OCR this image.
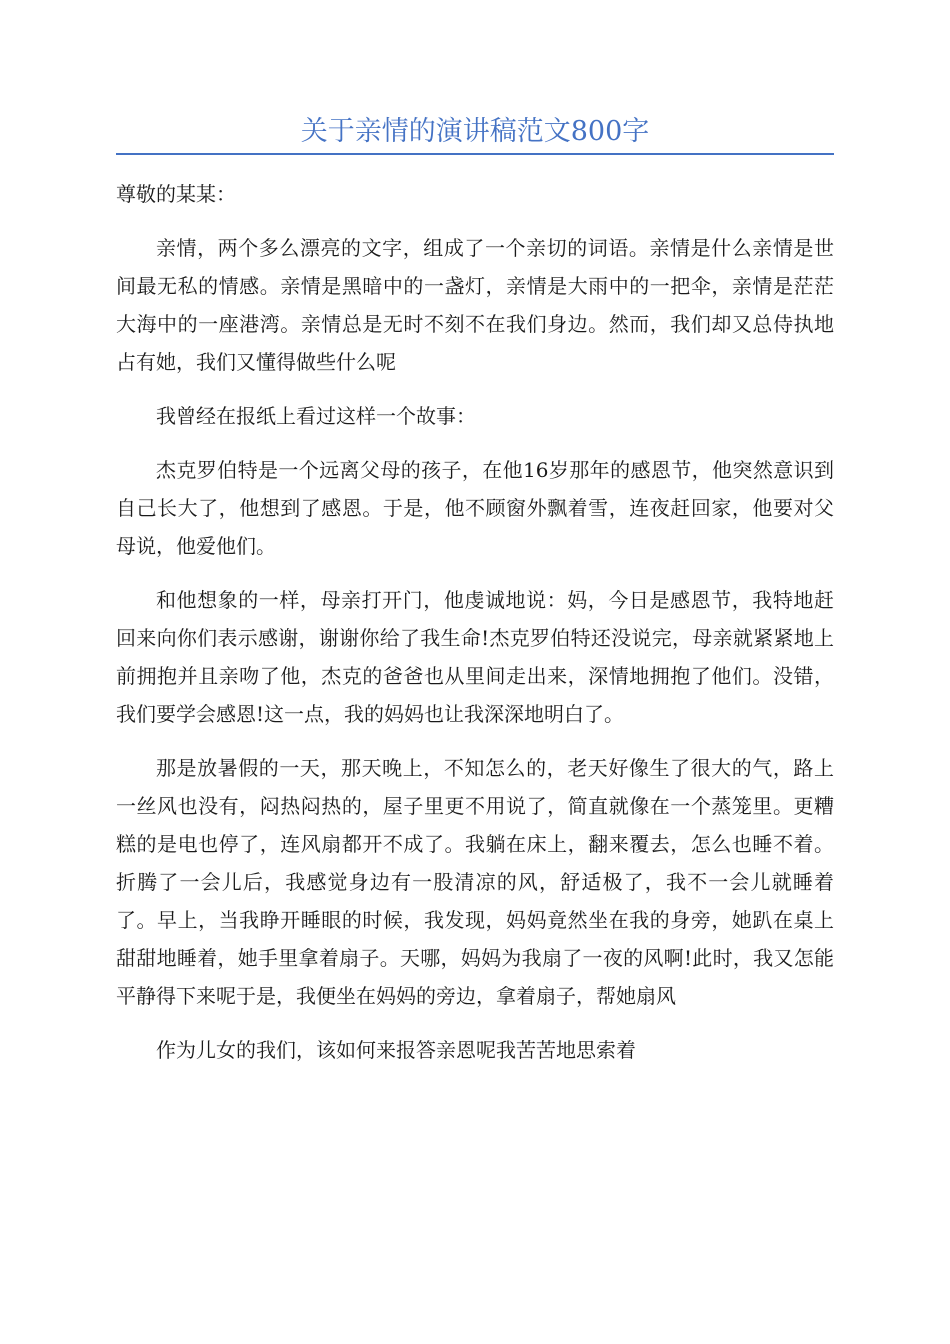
关于亲情的演讲稿范文800字

尊敬的某某：

亲情，两个多么漂亮的文字，组成了一个亲切的词语。亲情是什么亲情是世间最无私的情感。亲情是黑暗中的一盏灯，亲情是大雨中的一把伞，亲情是茫茫大海中的一座港湾。亲情总是无时不刻不在我们身边。然而，我们却又总侍执地占有她，我们又懂得做些什么呢

我曾经在报纸上看过这样一个故事：

杰克罗伯特是一个远离父母的孩子，在他16岁那年的感恩节，他突然意识到自己长大了，他想到了感恩。于是，他不顾窗外飘着雪，连夜赶回家，他要对父母说，他爱他们。

和他想象的一样，母亲打开门，他虔诚地说：妈，今日是感恩节，我特地赶回来向你们表示感谢，谢谢你给了我生命!杰克罗伯特还没说完，母亲就紧紧地上前拥抱并且亲吻了他，杰克的爸爸也从里间走出来，深情地拥抱了他们。没错，我们要学会感恩!这一点，我的妈妈也让我深深地明白了。

那是放暑假的一天，那天晚上，不知怎么的，老天好像生了很大的气，路上一丝风也没有，闷热闷热的，屋子里更不用说了，简直就像在一个蒸笼里。更糟糕的是电也停了，连风扇都开不成了。我躺在床上，翻来覆去，怎么也睡不着。折腾了一会儿后，我感觉身边有一股清凉的风，舒适极了，我不一会儿就睡着了。早上，当我睁开睡眼的时候，我发现，妈妈竟然坐在我的身旁，她趴在桌上甜甜地睡着，她手里拿着扇子。天哪，妈妈为我扇了一夜的风啊!此时，我又怎能平静得下来呢于是，我便坐在妈妈的旁边，拿着扇子，帮她扇风

作为儿女的我们，该如何来报答亲恩呢我苦苦地思索着
